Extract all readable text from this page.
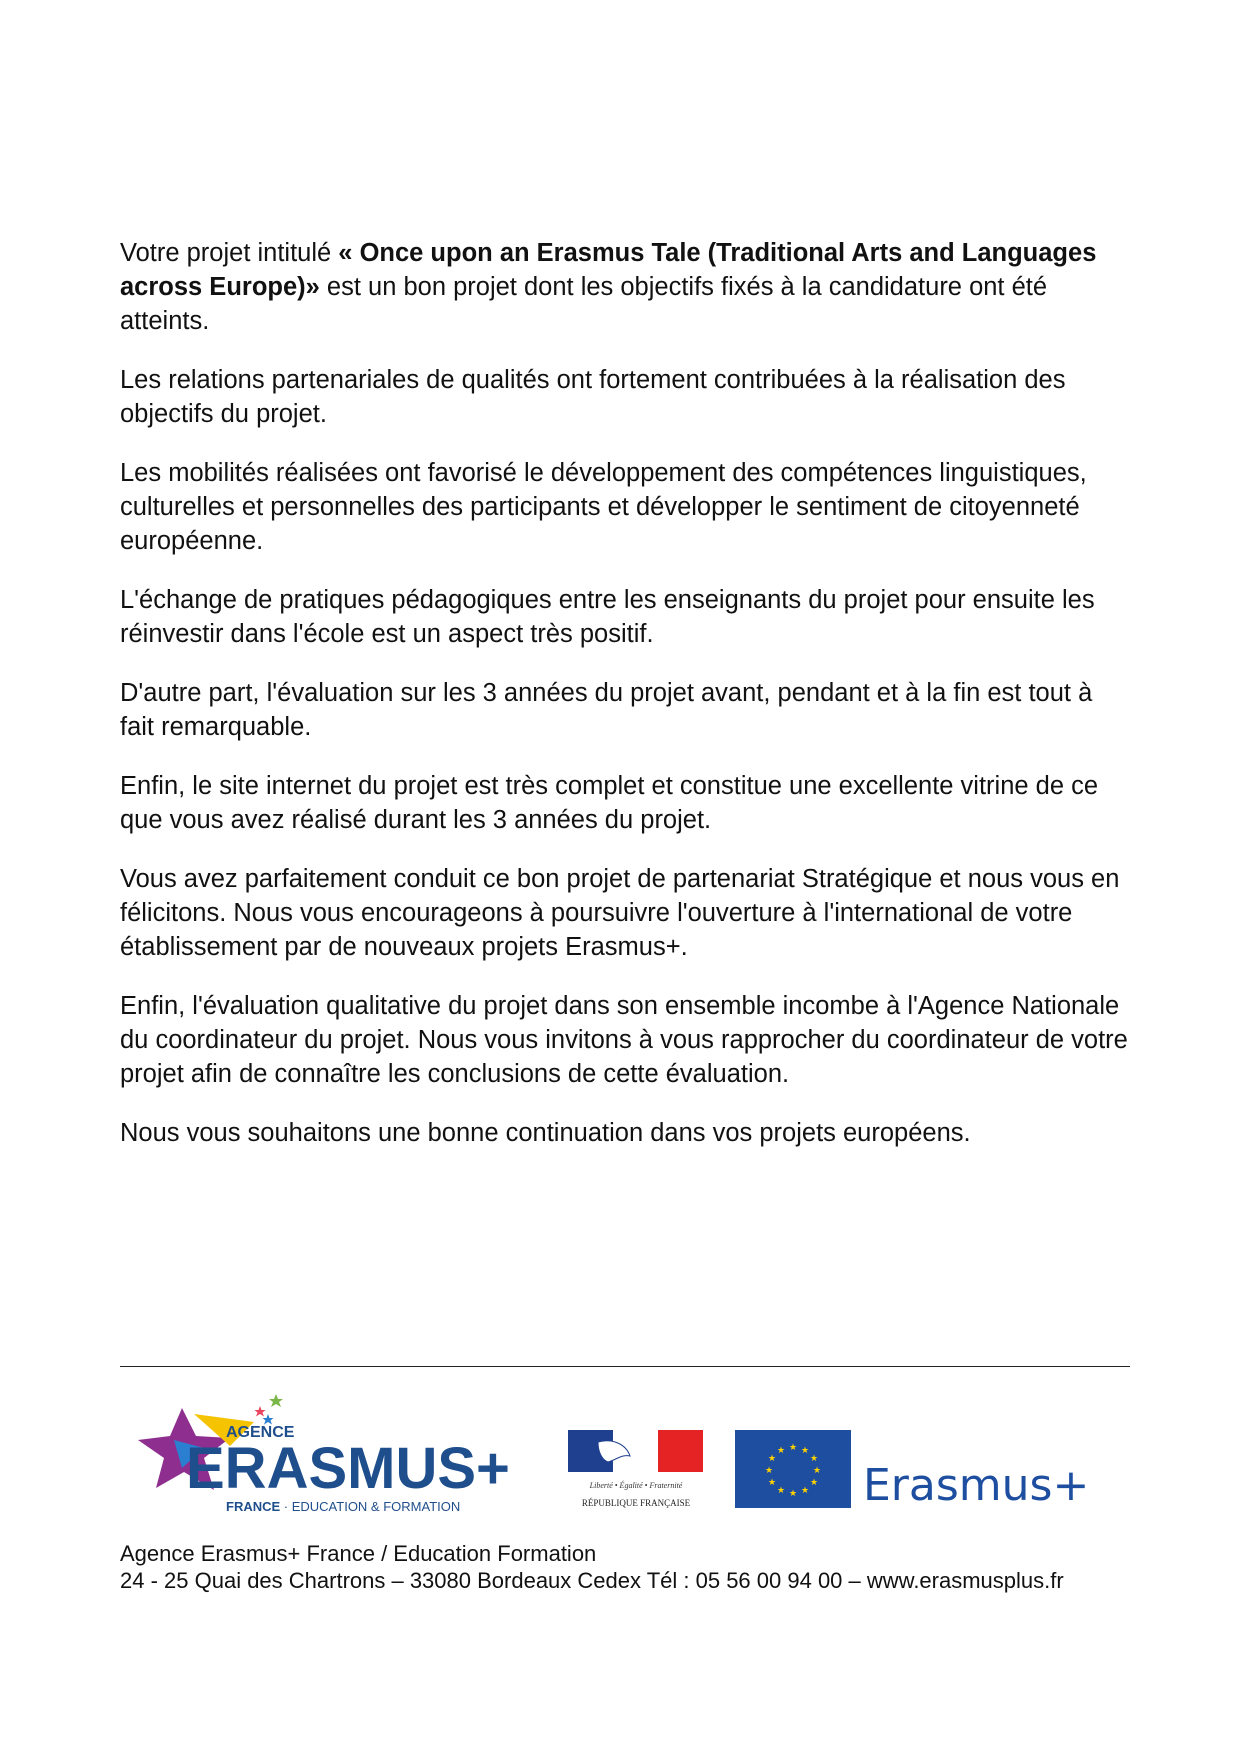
Votre projet intitulé « Once upon an Erasmus Tale (Traditional Arts and Languages across Europe)» est un bon projet dont les objectifs fixés à la candidature ont été atteints.

Les relations partenariales de qualités ont fortement contribuées à la réalisation des objectifs du projet.

Les mobilités réalisées ont favorisé le développement des compétences linguistiques, culturelles et personnelles des participants et développer le sentiment de citoyenneté européenne.

L'échange de pratiques pédagogiques entre les enseignants du projet pour ensuite les réinvestir dans l'école est un aspect très positif.

D'autre part, l'évaluation sur les 3 années du projet avant, pendant et à la fin est tout à fait remarquable.

Enfin, le site internet du projet est très complet et constitue une excellente vitrine de ce que vous avez réalisé durant les 3 années du projet.

Vous avez parfaitement conduit ce bon projet de partenariat Stratégique et nous vous en félicitons. Nous vous encourageons à poursuivre l'ouverture à l'international de votre établissement par de nouveaux projets Erasmus+.

Enfin, l'évaluation qualitative du projet dans son ensemble incombe à l'Agence Nationale du coordinateur du projet. Nous vous invitons à vous rapprocher du coordinateur de votre projet afin de connaître les conclusions de cette évaluation.

Nous vous souhaitons une bonne continuation dans vos projets européens.

AGENCE
ERASMUS+
FRANCE · EDUCATION & FORMATION
Liberté • Égalité • Fraternité
RÉPUBLIQUE FRANÇAISE
★ ★
★
★
★
★
★
★
★
★
★
★
Erasmus+
Agence Erasmus+ France / Education Formation
24 - 25 Quai des Chartrons – 33080 Bordeaux Cedex Tél : 05 56 00 94 00 – www.erasmusplus.fr
